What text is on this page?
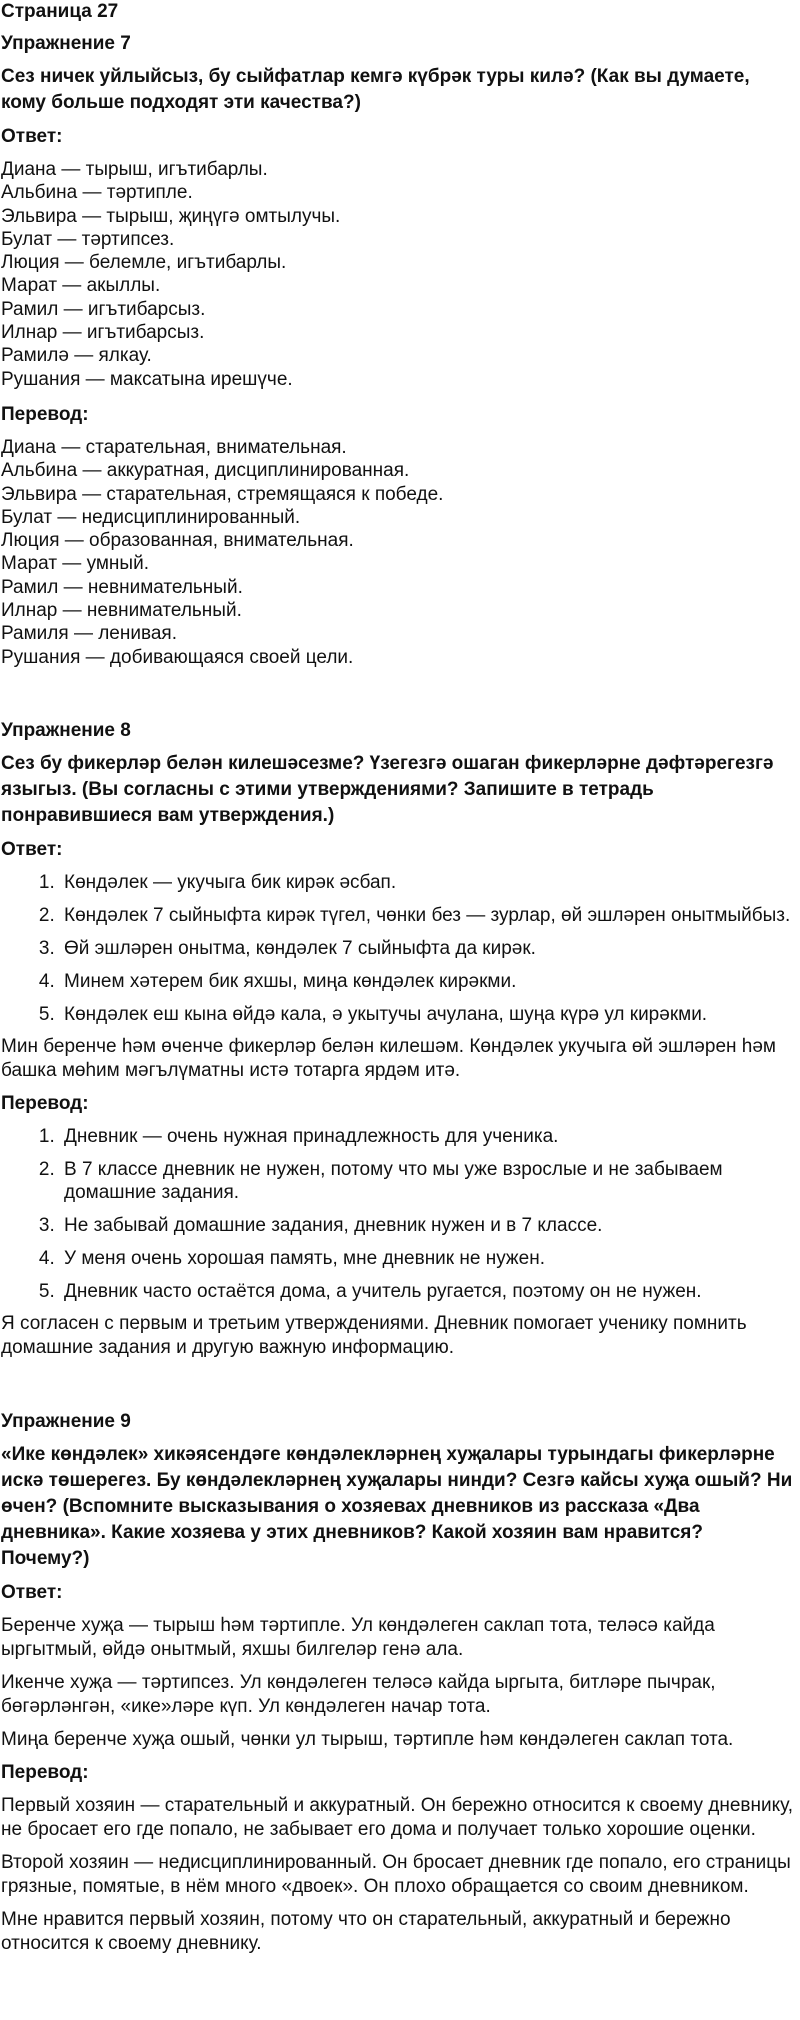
Страница 27
Упражнение 7

Сез ничек уйлыйсыз, бу сыйфатлар кемгә күбрәк туры килә? (Как вы думаете, кому больше подходят эти качества?)

Ответ:

Диана — тырыш, игътибарлы.

Альбина — тәртипле.

Эльвира — тырыш, җиңүгә омтылучы.

Булат — тәртипсез.

Люция — белемле, игътибарлы.

Марат — акыллы.

Рамил — игътибарсыз.

Илнар — игътибарсыз.

Рамилә — ялкау.

Рушания — максатына ирешүче.

Перевод:

Диана — старательная, внимательная.

Альбина — аккуратная, дисциплинированная.

Эльвира — старательная, стремящаяся к победе.

Булат — недисциплинированный.

Люция — образованная, внимательная.

Марат — умный.

Рамил — невнимательный.

Илнар — невнимательный.

Рамиля — ленивая.

Рушания — добивающаяся своей цели.

Упражнение 8

Сез бу фикерләр белән килешәсезме? Үзегезгә ошаган фикерләрне дәфтәрегезгә языгыз. (Вы согласны с этими утверждениями? Запишите в тетрадь понравившиеся вам утверждения.)

Ответ:

1. Көндәлек — укучыга бик кирәк әсбап.
2. Көндәлек 7 сыйныфта кирәк түгел, чөнки без — зурлар, өй эшләрен онытмыйбыз.
3. Өй эшләрен онытма, көндәлек 7 сыйныфта да кирәк.
4. Минем хәтерем бик яхшы, миңа көндәлек кирәкми.
5. Көндәлек еш кына өйдә кала, ә укытучы ачулана, шуңа күрә ул кирәкми.

Мин беренче һәм өченче фикерләр белән килешәм. Көндәлек укучыга өй эшләрен һәм башка мөһим мәгълүматны истә тотарга ярдәм итә.

Перевод:

1. Дневник — очень нужная принадлежность для ученика.
2. В 7 классе дневник не нужен, потому что мы уже взрослые и не забываем домашние задания.
3. Не забывай домашние задания, дневник нужен и в 7 классе.
4. У меня очень хорошая память, мне дневник не нужен.
5. Дневник часто остаётся дома, а учитель ругается, поэтому он не нужен.

Я согласен с первым и третьим утверждениями. Дневник помогает ученику помнить домашние задания и другую важную информацию.

Упражнение 9

«Ике көндәлек» хикәясендәге көндәлекләрнең хуҗалары турындагы фикерләрне искә төшерегез. Бу көндәлекләрнең хуҗалары нинди? Сезгә кайсы хуҗа ошый? Ни өчен? (Вспомните высказывания о хозяевах дневников из рассказа «Два дневника». Какие хозяева у этих дневников? Какой хозяин вам нравится? Почему?)

Ответ:

Беренче хуҗа — тырыш һәм тәртипле. Ул көндәлеген саклап тота, теләсә кайда ыргытмый, өйдә онытмый, яхшы билгеләр генә ала.

Икенче хуҗа — тәртипсез. Ул көндәлеген теләсә кайда ыргыта, битләре пычрак, бөгәрләнгән, «ике»ләре күп. Ул көндәлеген начар тота.

Миңа беренче хуҗа ошый, чөнки ул тырыш, тәртипле һәм көндәлеген саклап тота.

Перевод:

Первый хозяин — старательный и аккуратный. Он бережно относится к своему дневнику, не бросает его где попало, не забывает его дома и получает только хорошие оценки.

Второй хозяин — недисциплинированный. Он бросает дневник где попало, его страницы грязные, помятые, в нём много «двоек». Он плохо обращается со своим дневником.

Мне нравится первый хозяин, потому что он старательный, аккуратный и бережно относится к своему дневнику.
